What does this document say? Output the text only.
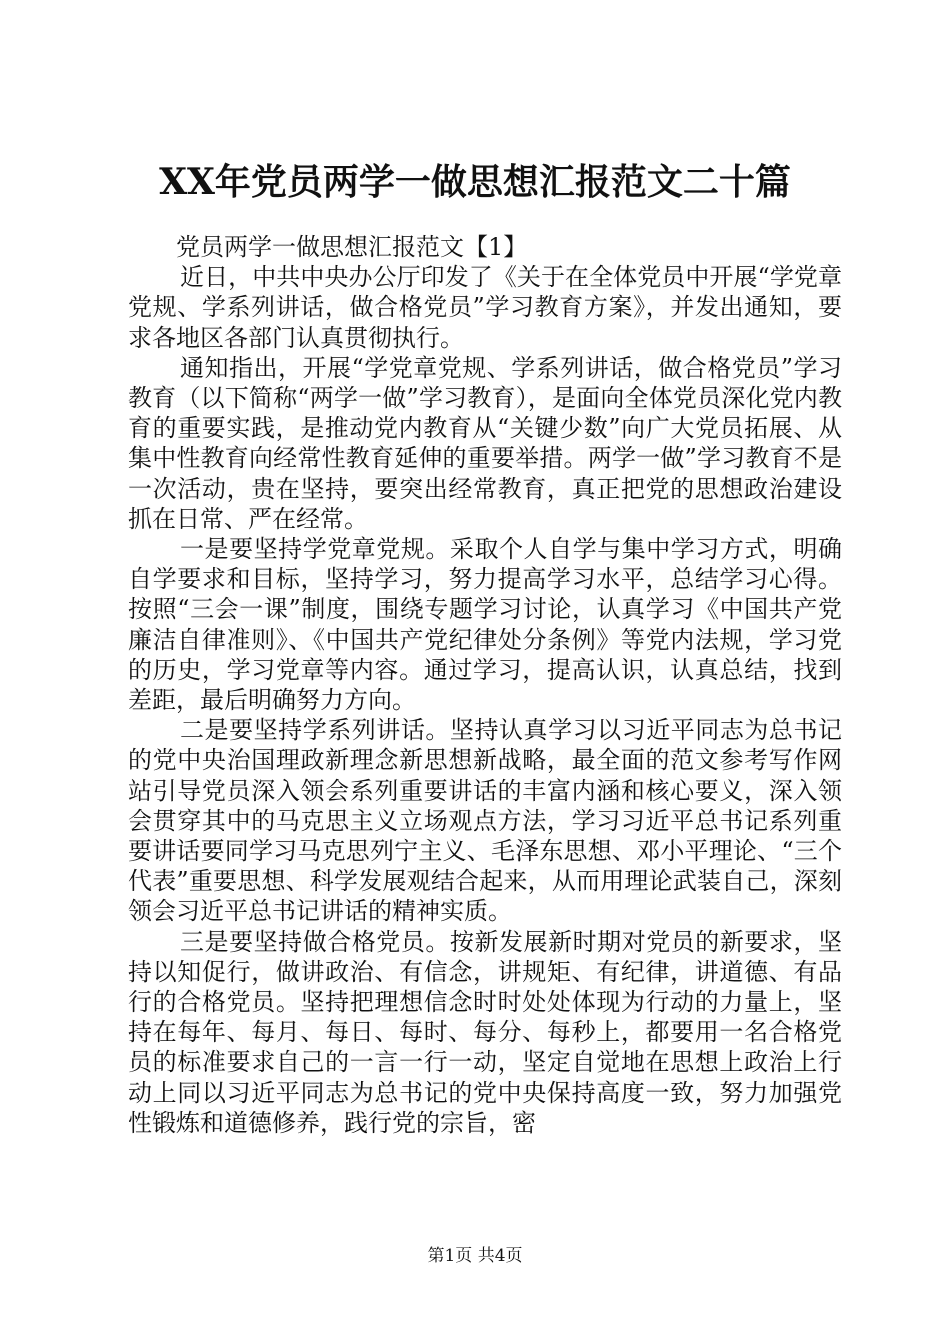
XX年党员两学一做思想汇报范文二十篇

党员两学一做思想汇报范文【1】

近日，中共中央办公厅印发了《关于在全体党员中开展“学党章党规、学系列讲话，做合格党员”学习教育方案》，并发出通知，要求各地区各部门认真贯彻执行。

通知指出，开展“学党章党规、学系列讲话，做合格党员”学习教育（以下简称“两学一做”学习教育），是面向全体党员深化党内教育的重要实践，是推动党内教育从“关键少数”向广大党员拓展、从集中性教育向经常性教育延伸的重要举措。两学一做”学习教育不是一次活动，贵在坚持，要突出经常教育，真正把党的思想政治建设抓在日常、严在经常。

一是要坚持学党章党规。采取个人自学与集中学习方式，明确自学要求和目标，坚持学习，努力提高学习水平，总结学习心得。按照“三会一课”制度，围绕专题学习讨论，认真学习《中国共产党廉洁自律准则》、《中国共产党纪律处分条例》等党内法规，学习党的历史，学习党章等内容。通过学习，提高认识，认真总结，找到差距，最后明确努力方向。

二是要坚持学系列讲话。坚持认真学习以习近平同志为总书记的党中央治国理政新理念新思想新战略，最全面的范文参考写作网站引导党员深入领会系列重要讲话的丰富内涵和核心要义，深入领会贯穿其中的马克思主义立场观点方法，学习习近平总书记系列重要讲话要同学习马克思列宁主义、毛泽东思想、邓小平理论、“三个代表”重要思想、科学发展观结合起来，从而用理论武装自己，深刻领会习近平总书记讲话的精神实质。

三是要坚持做合格党员。按新发展新时期对党员的新要求，坚持以知促行，做讲政治、有信念，讲规矩、有纪律，讲道德、有品行的合格党员。坚持把理想信念时时处处体现为行动的力量上，坚持在每年、每月、每日、每时、每分、每秒上，都要用一名合格党员的标准要求自己的一言一行一动，坚定自觉地在思想上政治上行动上同以习近平同志为总书记的党中央保持高度一致，努力加强党性锻炼和道德修养，践行党的宗旨，密

第1页 共4页
